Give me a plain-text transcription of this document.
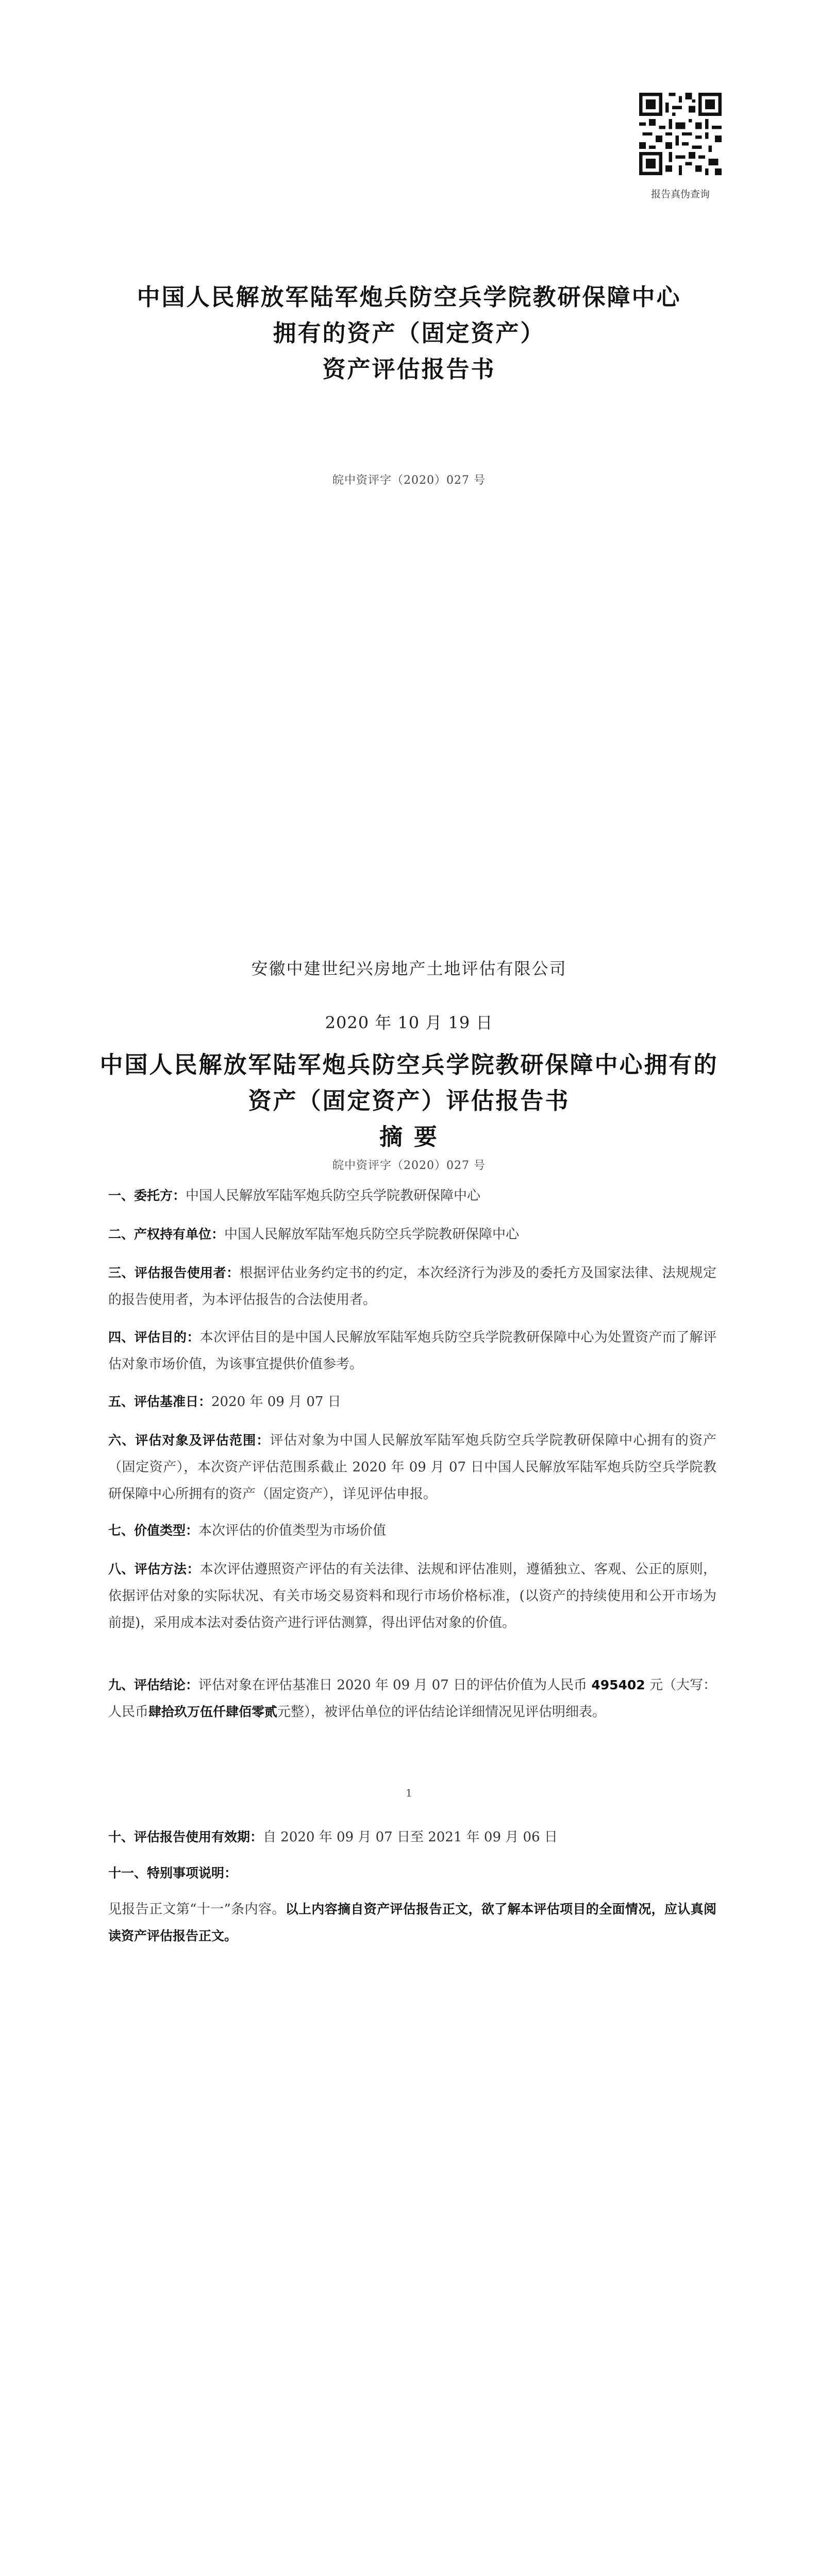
报告真伪查询
中国人民解放军陆军炮兵防空兵学院教研保障中心
拥有的资产（固定资产）
资产评估报告书
皖中资评字（2020）027 号
安徽中建世纪兴房地产土地评估有限公司
2020 年 10 月 19 日
中国人民解放军陆军炮兵防空兵学院教研保障中心拥有的
资产（固定资产）评估报告书
摘 要
皖中资评字（2020）027 号
一、委托方：中国人民解放军陆军炮兵防空兵学院教研保障中心
二、产权持有单位：中国人民解放军陆军炮兵防空兵学院教研保障中心
三、评估报告使用者：根据评估业务约定书的约定，本次经济行为涉及的委托方及国家法律、法规规定的报告使用者，为本评估报告的合法使用者。
四、评估目的：本次评估目的是中国人民解放军陆军炮兵防空兵学院教研保障中心为处置资产而了解评估对象市场价值，为该事宜提供价值参考。
五、评估基准日：2020 年 09 月 07 日
六、评估对象及评估范围：评估对象为中国人民解放军陆军炮兵防空兵学院教研保障中心拥有的资产（固定资产），本次资产评估范围系截止 2020 年 09 月 07 日中国人民解放军陆军炮兵防空兵学院教研保障中心所拥有的资产（固定资产），详见评估申报。
七、价值类型：本次评估的价值类型为市场价值
八、评估方法：本次评估遵照资产评估的有关法律、法规和评估准则，遵循独立、客观、公正的原则，依据评估对象的实际状况、有关市场交易资料和现行市场价格标准，(以资产的持续使用和公开市场为前提)，采用成本法对委估资产进行评估测算，得出评估对象的价值。
九、评估结论：评估对象在评估基准日 2020 年 09 月 07 日的评估价值为人民币 495402 元（大写：人民币肆拾玖万伍仟肆佰零贰元整），被评估单位的评估结论详细情况见评估明细表。
1
十、评估报告使用有效期：自 2020 年 09 月 07 日至 2021 年 09 月 06 日
十一、特别事项说明：
见报告正文第“十一”条内容。以上内容摘自资产评估报告正文，欲了解本评估项目的全面情况，应认真阅读资产评估报告正文。
